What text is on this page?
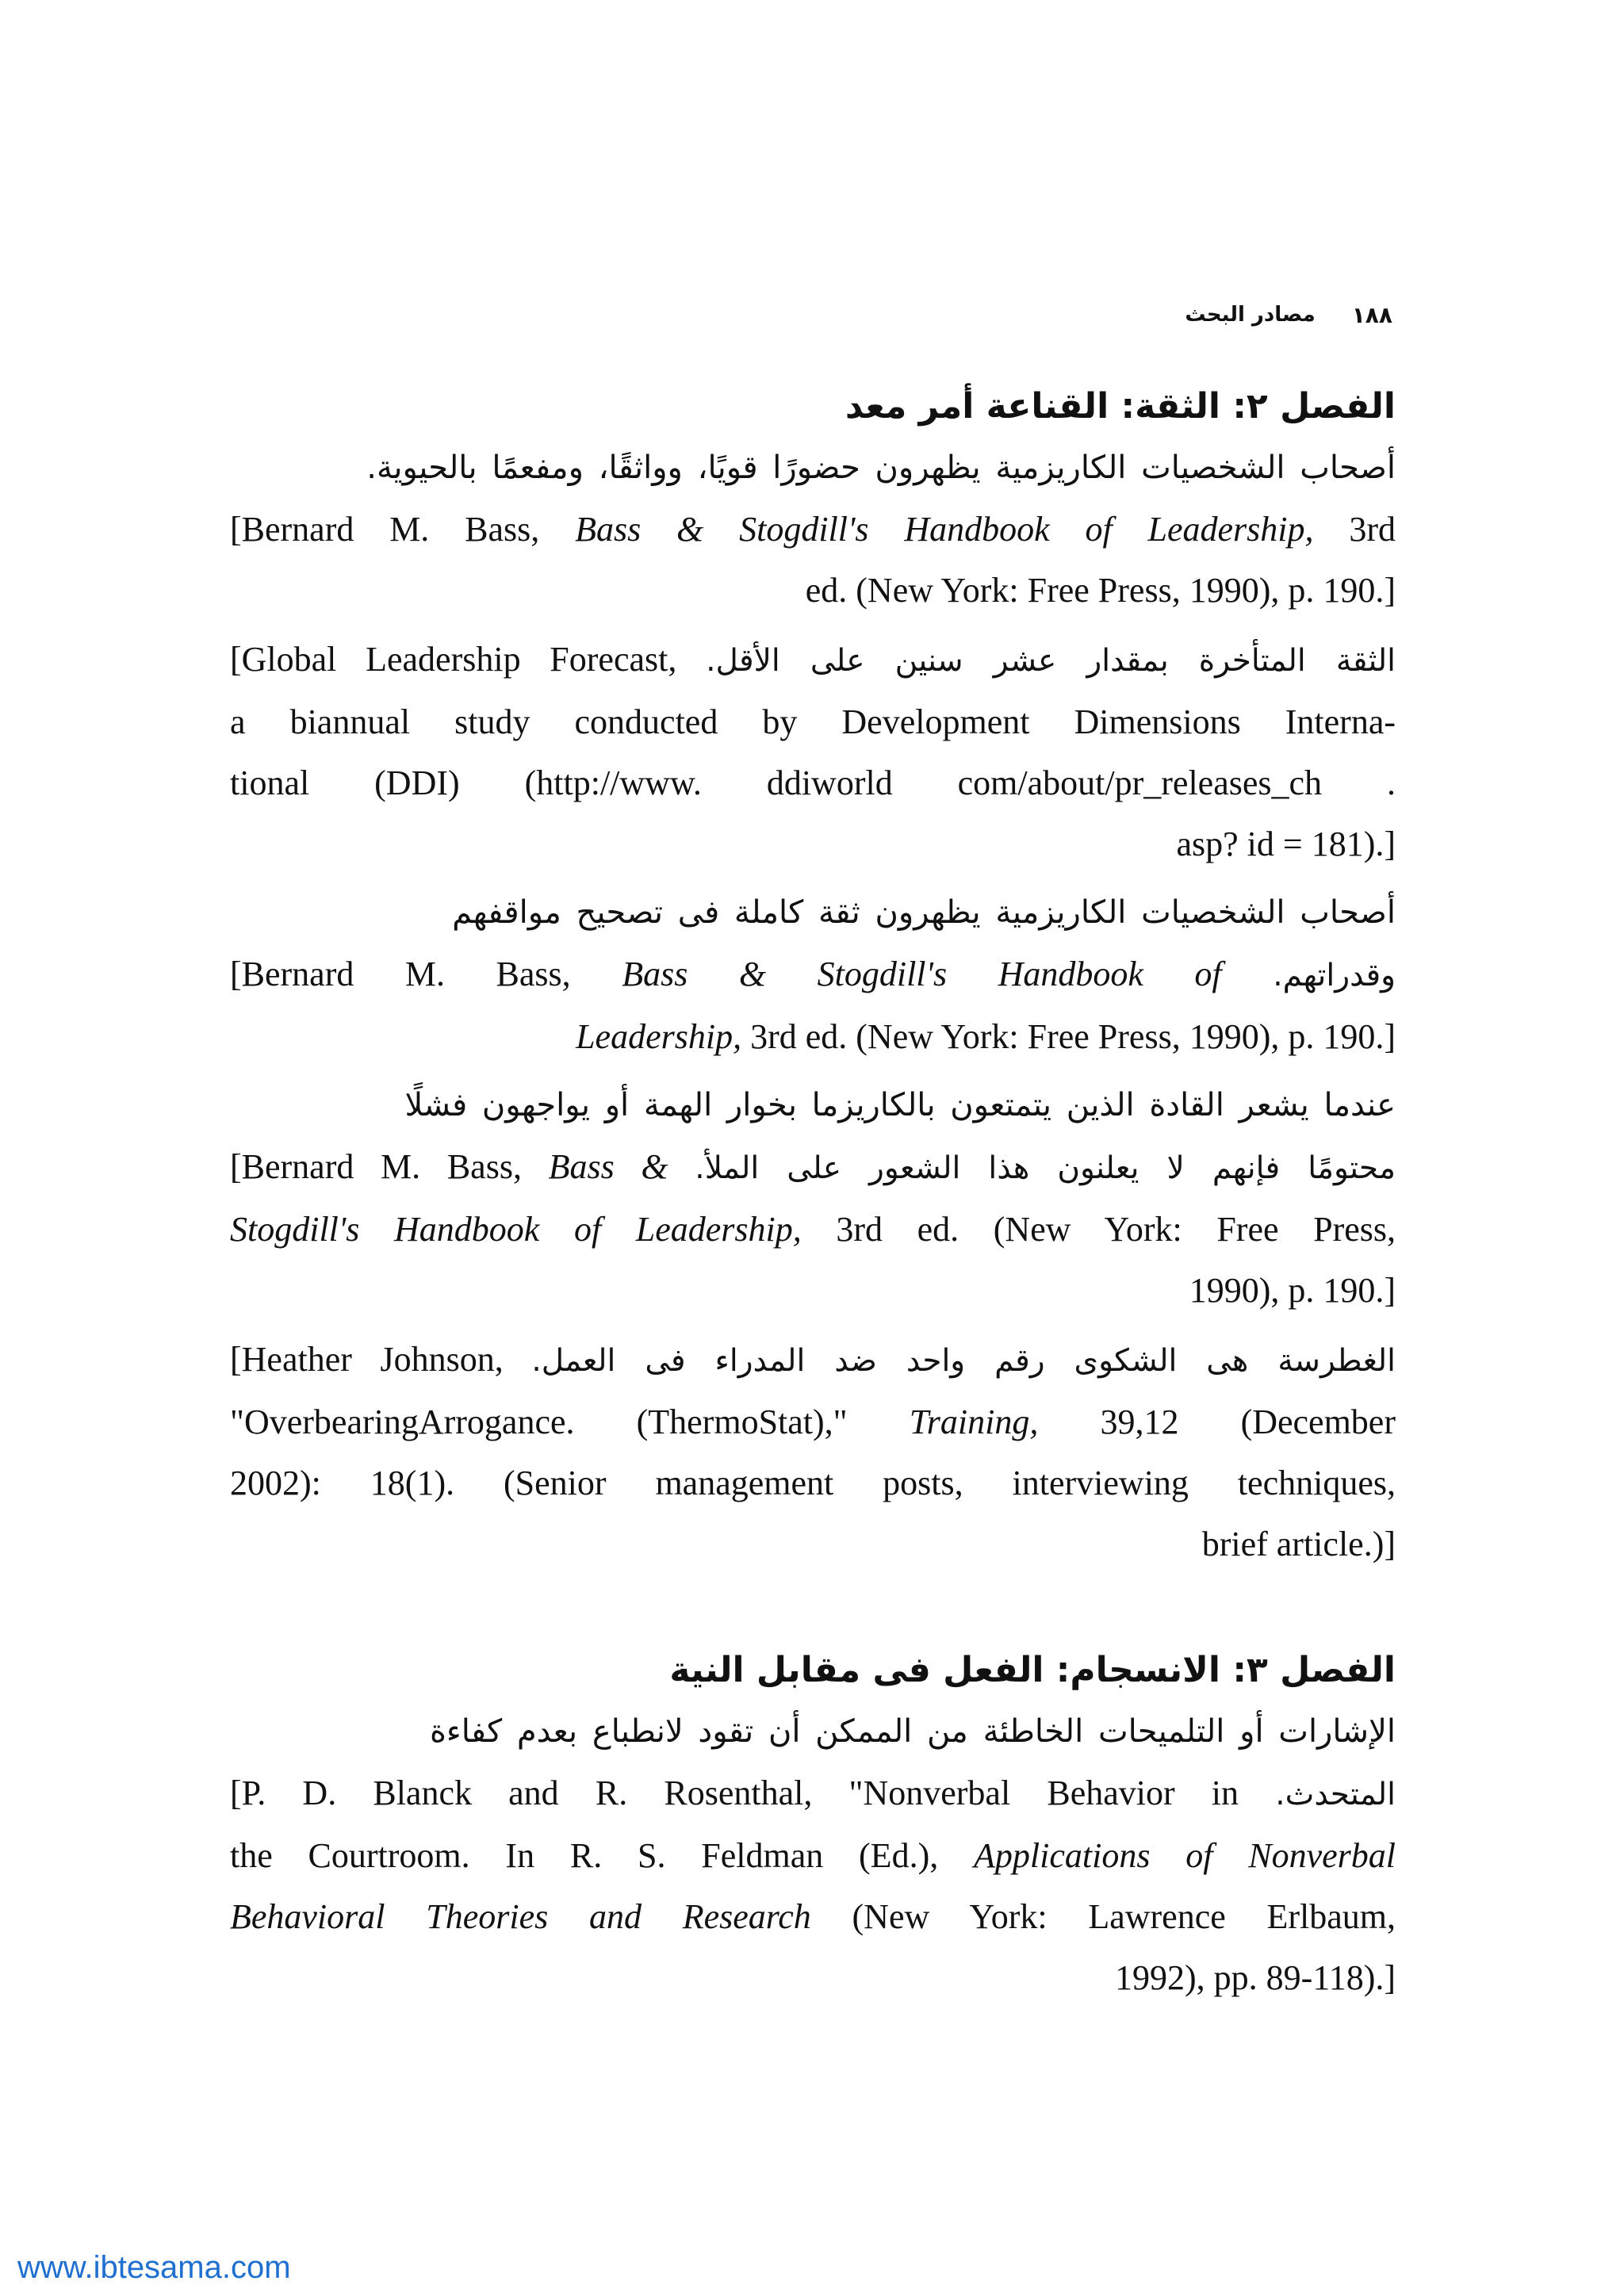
١٨٨
مصادر البحث
الفصل ٢: الثقة: القناعة أمر معد
أصحاب الشخصيات الكاريزمية يظهرون حضورًا قويًا، وواثقًا، ومفعمًا بالحيوية.
[Bernard M. Bass, Bass & Stogdill's Handbook of Leadership, 3rd
ed. (New York: Free Press, 1990), p. 190.]
[Global Leadership Forecast, الثقة المتأخرة بمقدار عشر سنين على الأقل.
a biannual study conducted by Development Dimensions Interna-
tional (DDI) (http://www. ddiworld com/about/pr_releases_ch .
asp? id = 181).]
أصحاب الشخصيات الكاريزمية يظهرون ثقة كاملة فى تصحيح مواقفهم
[Bernard M. Bass, Bass & Stogdill's Handbook of وقدراتهم.
Leadership, 3rd ed. (New York: Free Press, 1990), p. 190.]
عندما يشعر القادة الذين يتمتعون بالكاريزما بخوار الهمة أو يواجهون فشلًا
[Bernard M. Bass, Bass & محتومًا فإنهم لا يعلنون هذا الشعور على الملأ.
Stogdill's Handbook of Leadership, 3rd ed. (New York: Free Press,
1990), p. 190.]
[Heather Johnson, الغطرسة هى الشكوى رقم واحد ضد المدراء فى العمل.
"OverbearingArrogance. (ThermoStat)," Training, 39,12 (December
2002): 18(1). (Senior management posts, interviewing techniques,
brief article.)]
الفصل ٣: الانسجام: الفعل فى مقابل النية
الإشارات أو التلميحات الخاطئة من الممكن أن تقود لانطباع بعدم كفاءة
[P. D. Blanck and R. Rosenthal, "Nonverbal Behavior in المتحدث.
the Courtroom. In R. S. Feldman (Ed.), Applications of Nonverbal
Behavioral Theories and Research (New York: Lawrence Erlbaum,
1992), pp. 89-118).]
www.ibtesama.com
